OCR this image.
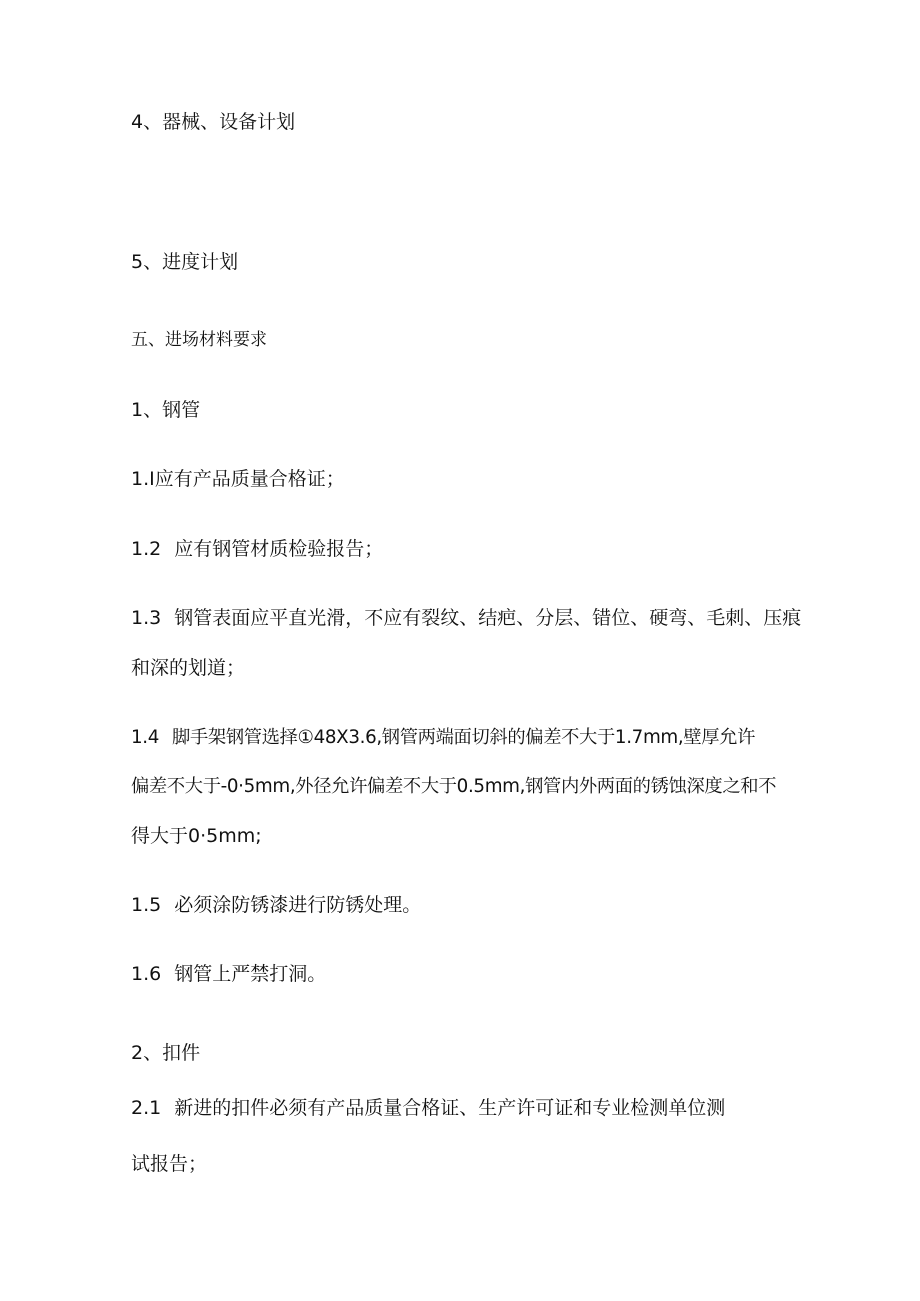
4、器械、设备计划
5、进度计划
五、进场材料要求
1、钢管
1.I应有产品质量合格证；
1.2 应有钢管材质检验报告；
1.3 钢管表面应平直光滑，不应有裂纹、结疤、分层、错位、硬弯、毛刺、压痕
和深的划道；
1.4 脚手架钢管选择①48X3.6,钢管两端面切斜的偏差不大于1.7mm,壁厚允许
偏差不大于-0·5mm,外径允许偏差不大于0.5mm,钢管内外两面的锈蚀深度之和不
得大于0·5mm;
1.5 必须涂防锈漆进行防锈处理。
1.6 钢管上严禁打洞。
2、扣件
2.1 新进的扣件必须有产品质量合格证、生产许可证和专业检测单位测
试报告；
